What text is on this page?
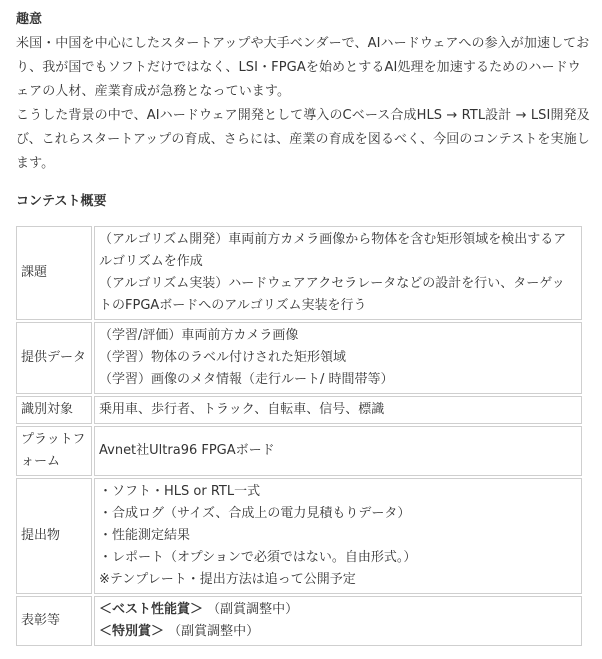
趣意

米国・中国を中心にしたスタートアップや大手ベンダーで、AIハードウェアへの参入が加速しており、我が国でもソフトだけではなく、LSI・FPGAを始めとするAI処理を加速するためのハードウェアの人材、産業育成が急務となっています。

こうした背景の中で、AIハードウェア開発として導入のCベース合成HLS → RTL設計 → LSI開発及び、これらスタートアップの育成、さらには、産業の育成を図るべく、今回のコンテストを実施します。

コンテスト概要

課題	（アルゴリズム開発）車両前方カメラ画像から物体を含む矩形領域を検出するアルゴリズムを作成
（アルゴリズム実装）ハードウェアアクセラレータなどの設計を行い、ターゲットのFPGAボードへのアルゴリズム実装を行う

提供データ	（学習/評価）車両前方カメラ画像
（学習）物体のラベル付けされた矩形領域
（学習）画像のメタ情報（走行ルート/ 時間帯等）

識別対象	乗用車、歩行者、トラック、自転車、信号、標識

プラットフォーム	Avnet社Ultra96 FPGAボード

提出物	・ソフト・HLS or RTL一式
・合成ログ（サイズ、合成上の電力見積もりデータ）
・性能測定結果
・レポート（オプションで必須ではない。自由形式。）
※テンプレート・提出方法は追って公開予定

表彰等	＜ベスト性能賞＞ （副賞調整中）
＜特別賞＞ （副賞調整中）
